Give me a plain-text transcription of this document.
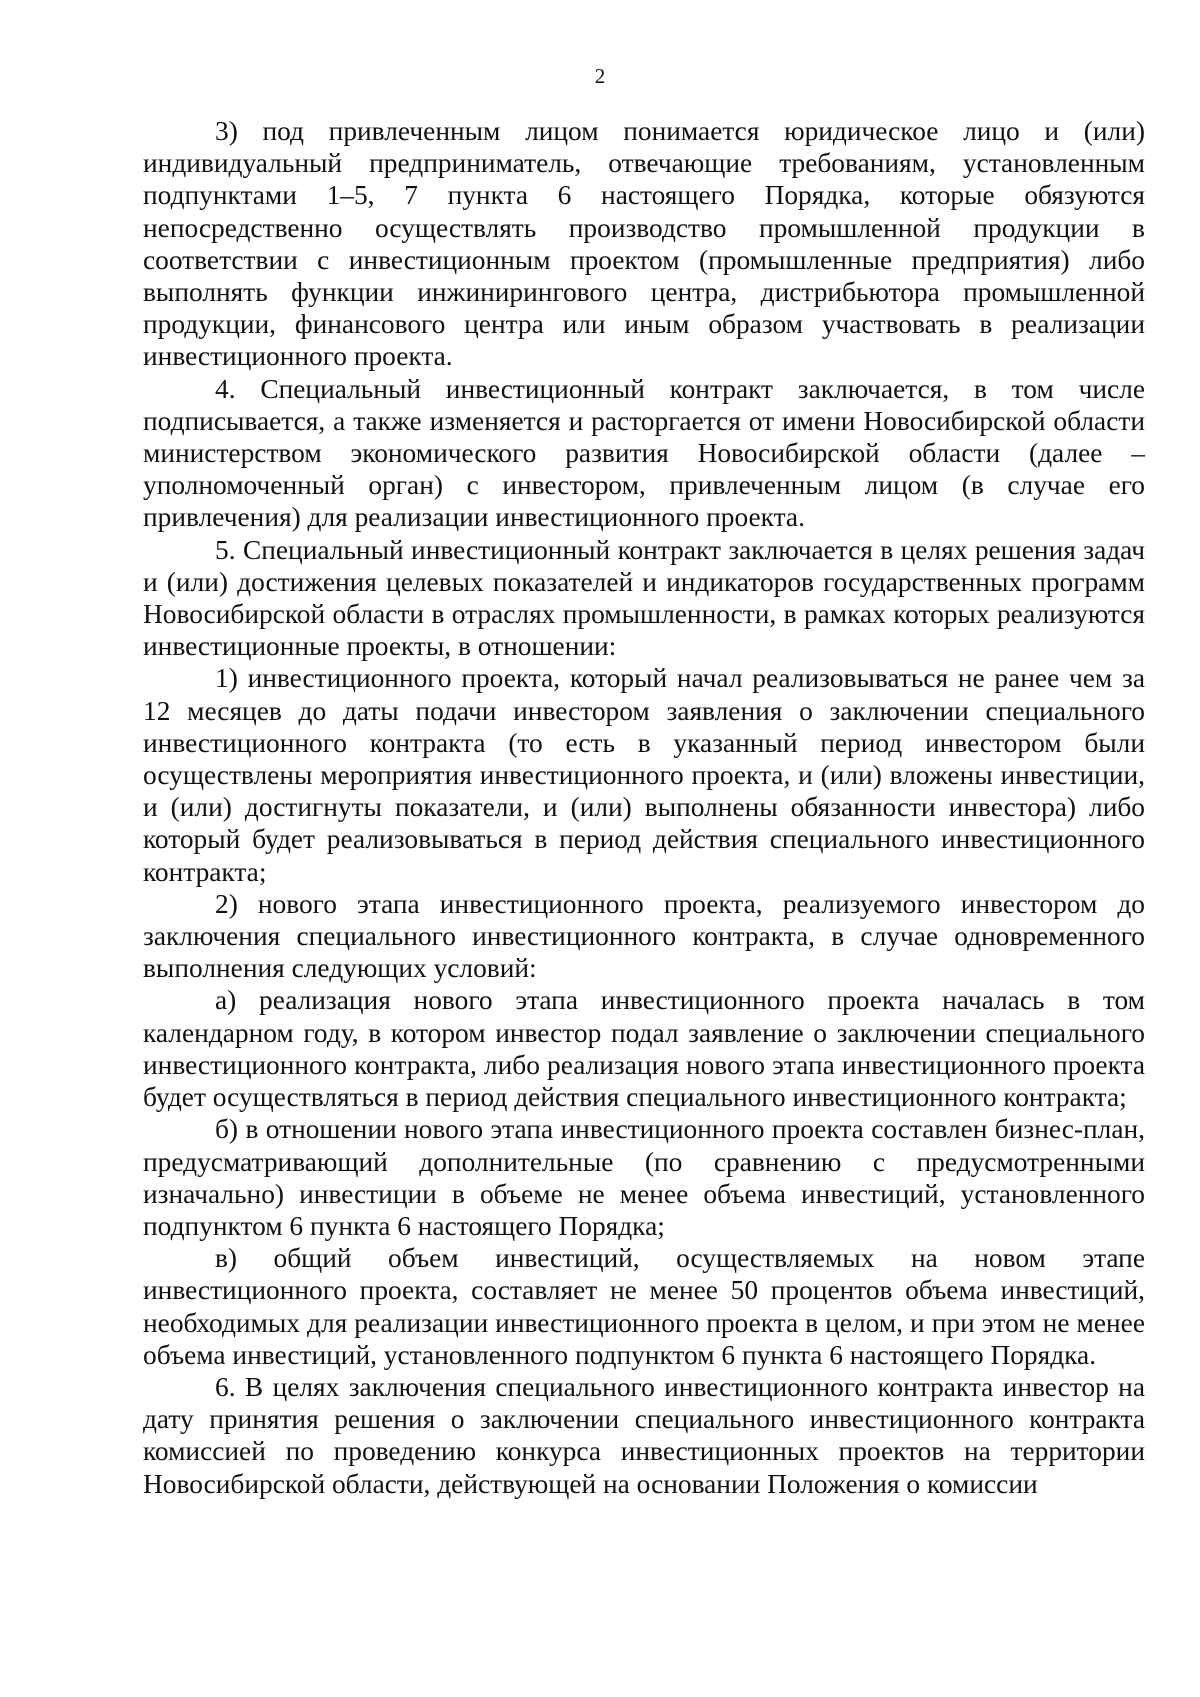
2

3) под привлеченным лицом понимается юридическое лицо и (или) индивидуальный предприниматель, отвечающие требованиям, установленным подпунктами 1–5, 7 пункта 6 настоящего Порядка, которые обязуются непосредственно осуществлять производство промышленной продукции в соответствии с инвестиционным проектом (промышленные предприятия) либо выполнять функции инжинирингового центра, дистрибьютора промышленной продукции, финансового центра или иным образом участвовать в реализации инвестиционного проекта.

4. Специальный инвестиционный контракт заключается, в том числе подписывается, а также изменяется и расторгается от имени Новосибирской области министерством экономического развития Новосибирской области (далее – уполномоченный орган) с инвестором, привлеченным лицом (в случае его привлечения) для реализации инвестиционного проекта.

5. Специальный инвестиционный контракт заключается в целях решения задач и (или) достижения целевых показателей и индикаторов государственных программ Новосибирской области в отраслях промышленности, в рамках которых реализуются инвестиционные проекты, в отношении:

1) инвестиционного проекта, который начал реализовываться не ранее чем за 12 месяцев до даты подачи инвестором заявления о заключении специального инвестиционного контракта (то есть в указанный период инвестором были осуществлены мероприятия инвестиционного проекта, и (или) вложены инвестиции, и (или) достигнуты показатели, и (или) выполнены обязанности инвестора) либо который будет реализовываться в период действия специального инвестиционного контракта;

2) нового этапа инвестиционного проекта, реализуемого инвестором до заключения специального инвестиционного контракта, в случае одновременного выполнения следующих условий:

а) реализация нового этапа инвестиционного проекта началась в том календарном году, в котором инвестор подал заявление о заключении специального инвестиционного контракта, либо реализация нового этапа инвестиционного проекта будет осуществляться в период действия специального инвестиционного контракта;

б) в отношении нового этапа инвестиционного проекта составлен бизнес-план, предусматривающий дополнительные (по сравнению с предусмотренными изначально) инвестиции в объеме не менее объема инвестиций, установленного подпунктом 6 пункта 6 настоящего Порядка;

в) общий объем инвестиций, осуществляемых на новом этапе инвестиционного проекта, составляет не менее 50 процентов объема инвестиций, необходимых для реализации инвестиционного проекта в целом, и при этом не менее объема инвестиций, установленного подпунктом 6 пункта 6 настоящего Порядка.

6. В целях заключения специального инвестиционного контракта инвестор на дату принятия решения о заключении специального инвестиционного контракта комиссией по проведению конкурса инвестиционных проектов на территории Новосибирской области, действующей на основании Положения о комиссии
